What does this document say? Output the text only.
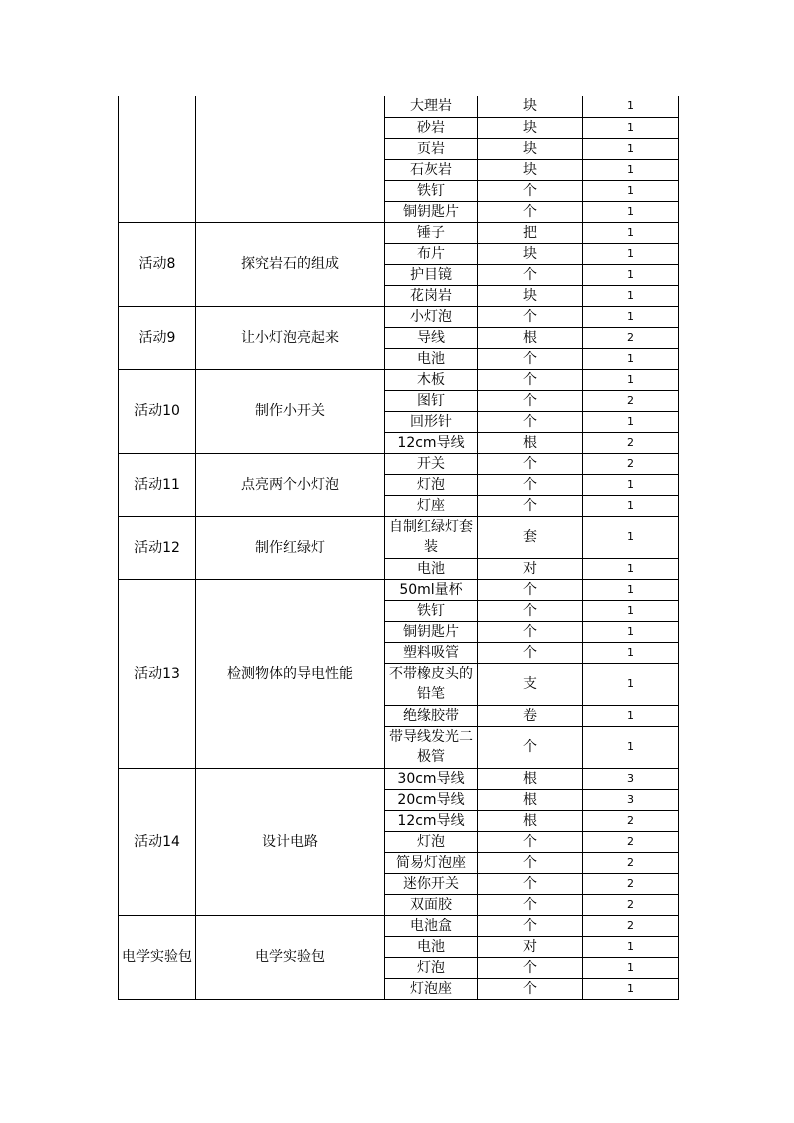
		大理岩	块	1
		砂岩	块	1
		页岩	块	1
		石灰岩	块	1
		铁钉	个	1
		铜钥匙片	个	1
活动8	探究岩石的组成	锤子	把	1
		布片	块	1
		护目镜	个	1
		花岗岩	块	1
活动9	让小灯泡亮起来	小灯泡	个	1
		导线	根	2
		电池	个	1
活动10	制作小开关	木板	个	1
		图钉	个	2
		回形针	个	1
		12cm导线	根	2
活动11	点亮两个小灯泡	开关	个	2
		灯泡	个	1
		灯座	个	1
活动12	制作红绿灯	自制红绿灯套装	套	1
		电池	对	1
活动13	检测物体的导电性能	50ml量杯	个	1
		铁钉	个	1
		铜钥匙片	个	1
		塑料吸管	个	1
		不带橡皮头的铅笔	支	1
		绝缘胶带	卷	1
		带导线发光二极管	个	1
活动14	设计电路	30cm导线	根	3
		20cm导线	根	3
		12cm导线	根	2
		灯泡	个	2
		简易灯泡座	个	2
		迷你开关	个	2
		双面胶	个	2
电学实验包	电学实验包	电池盒	个	2
		电池	对	1
		灯泡	个	1
		灯泡座	个	1
